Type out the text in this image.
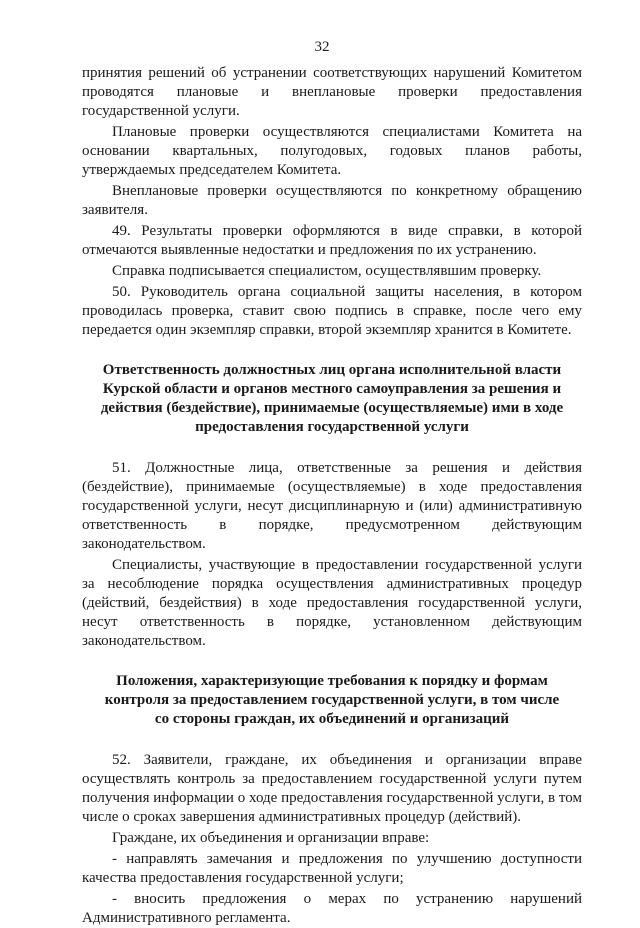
32

принятия решений об устранении соответствующих нарушений Комитетом проводятся плановые и внеплановые проверки предоставления государственной услуги.

Плановые проверки осуществляются специалистами Комитета на основании квартальных, полугодовых, годовых планов работы, утверждаемых председателем Комитета.

Внеплановые проверки осуществляются по конкретному обращению заявителя.

49. Результаты проверки оформляются в виде справки, в которой отмечаются выявленные недостатки и предложения по их устранению.

Справка подписывается специалистом, осуществлявшим проверку.

50. Руководитель органа социальной защиты населения, в котором проводилась проверка, ставит свою подпись в справке, после чего ему передается один экземпляр справки, второй экземпляр хранится в Комитете.

Ответственность должностных лиц органа исполнительной власти Курской области и органов местного самоуправления за решения и действия (бездействие), принимаемые (осуществляемые) ими в ходе предоставления государственной услуги

51. Должностные лица, ответственные за решения и действия (бездействие), принимаемые (осуществляемые) в ходе предоставления государственной услуги, несут дисциплинарную и (или) административную ответственность в порядке, предусмотренном действующим законодательством.

Специалисты, участвующие в предоставлении государственной услуги за несоблюдение порядка осуществления административных процедур (действий, бездействия) в ходе предоставления государственной услуги, несут ответственность в порядке, установленном действующим законодательством.

Положения, характеризующие требования к порядку и формам контроля за предоставлением государственной услуги, в том числе со стороны граждан, их объединений и организаций

52. Заявители, граждане, их объединения и организации вправе осуществлять контроль за предоставлением государственной услуги путем получения информации о ходе предоставления государственной услуги, в том числе о сроках завершения административных процедур (действий).

Граждане, их объединения и организации вправе:

- направлять замечания и предложения по улучшению доступности качества предоставления государственной услуги;

- вносить предложения о мерах по устранению нарушений Административного регламента.
